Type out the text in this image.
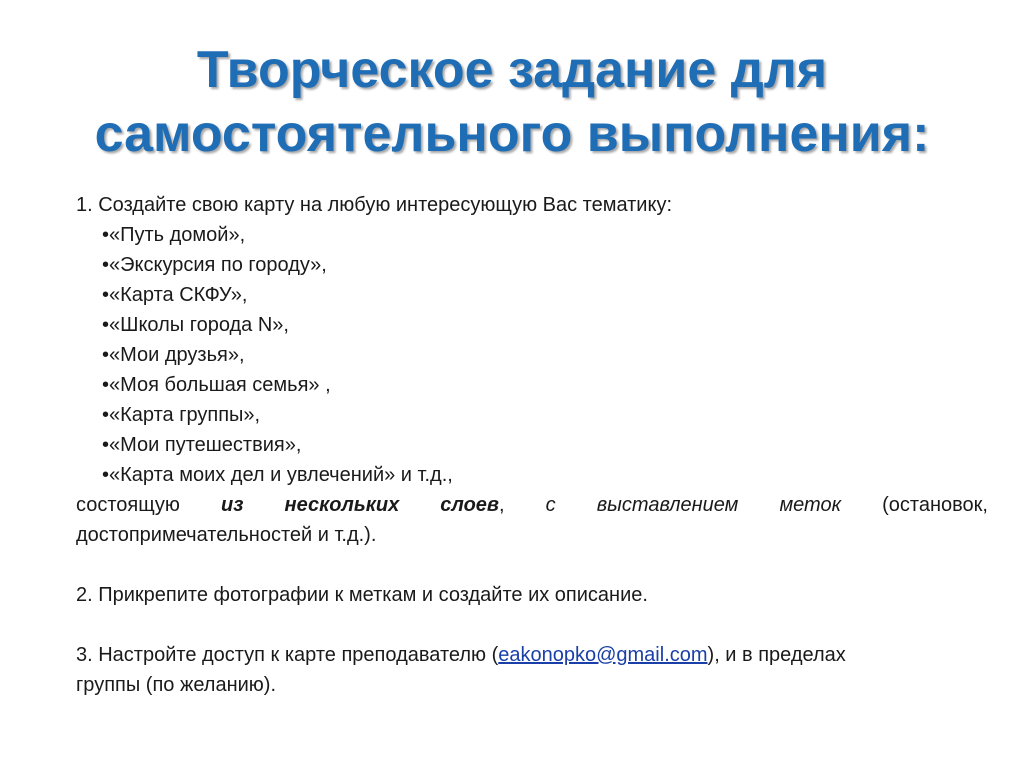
Творческое задание для
самостоятельного выполнения:
1. Создайте свою карту на любую интересующую Вас тематику:
•«Путь домой»,
•«Экскурсия по городу»,
•«Карта СКФУ»,
•«Школы города N»,
•«Мои друзья»,
•«Моя большая семья» ,
•«Карта группы»,
•«Мои путешествия»,
•«Карта моих дел и увлечений» и т.д.,
состоящую из нескольких слоев, с выставлением меток (остановок,
достопримечательностей и т.д.).
2. Прикрепите фотографии к меткам и создайте их описание.
3. Настройте доступ к карте преподавателю (eakonopko@gmail.com), и в пределах
группы (по желанию).
